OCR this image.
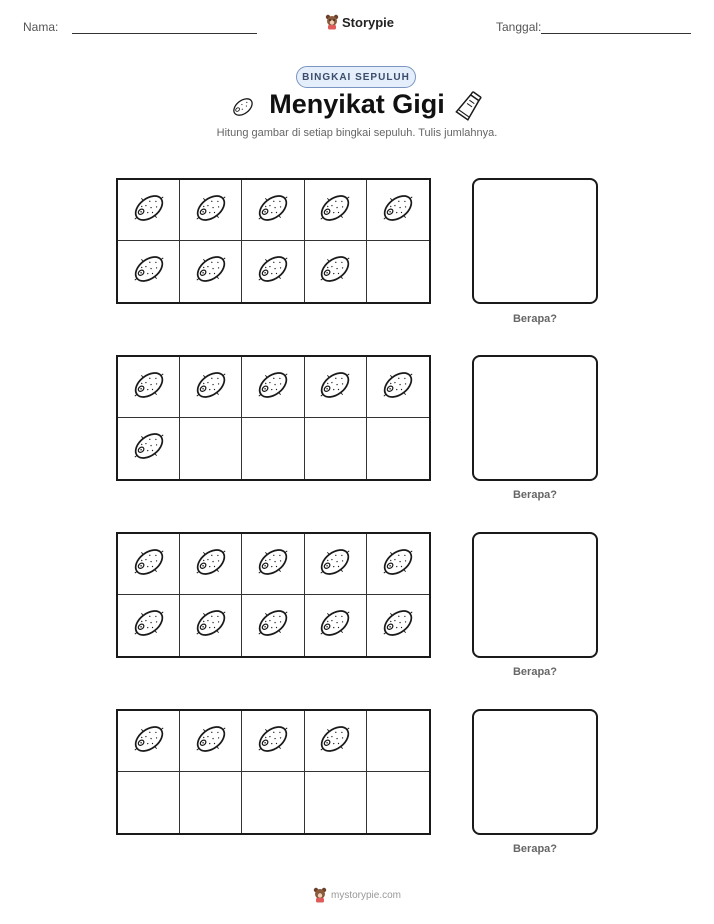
Nama:	Storypie	Tanggal:
BINGKAI SEPULUH
Menyikat Gigi
Hitung gambar di setiap bingkai sepuluh. Tulis jumlahnya.
Berapa?
Berapa?
Berapa?
Berapa?
mystorypie.com
